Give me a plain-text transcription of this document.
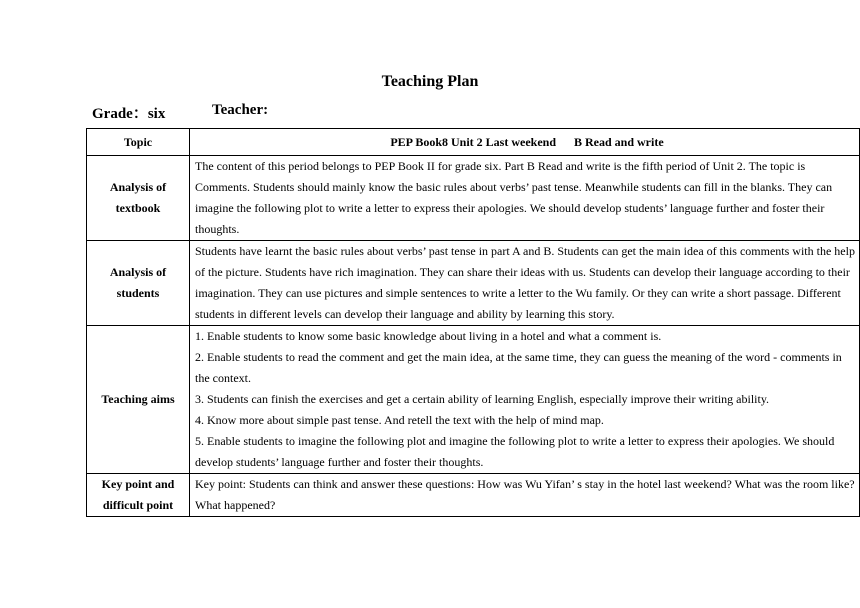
Teaching Plan
Grade：six	Teacher:
Topic	PEP Book8 Unit 2 Last weekend      B Read and write

Analysis of
textbook	The content of this period belongs to PEP Book II for grade six. Part B Read and write is the fifth period of Unit 2. The topic is Comments. Students should mainly know the basic rules about verbs’ past tense. Meanwhile students can fill in the blanks. They can imagine the following plot to write a letter to express their apologies. We should develop students’ language further and foster their thoughts.

Analysis of
students	Students have learnt the basic rules about verbs’ past tense in part A and B. Students can get the main idea of this comments with the help of the picture. Students have rich imagination. They can share their ideas with us. Students can develop their language according to their imagination. They can use pictures and simple sentences to write a letter to the Wu family. Or they can write a short passage. Different students in different levels can develop their language and ability by learning this story.
Teaching aims	1. Enable students to know some basic knowledge about living in a hotel and what a comment is.
2. Enable students to read the comment and get the main idea, at the same time, they can guess the meaning of the word - comments in the context.
3. Students can finish the exercises and get a certain ability of learning English, especially improve their writing ability.
4. Know more about simple past tense. And retell the text with the help of mind map.
5. Enable students to imagine the following plot and imagine the following plot to write a letter to express their apologies. We should develop students’ language further and foster their thoughts.

Key point and
difficult point	Key point: Students can think and answer these questions: How was Wu Yifan’ s stay in the hotel last weekend? What was the room like? What happened?
